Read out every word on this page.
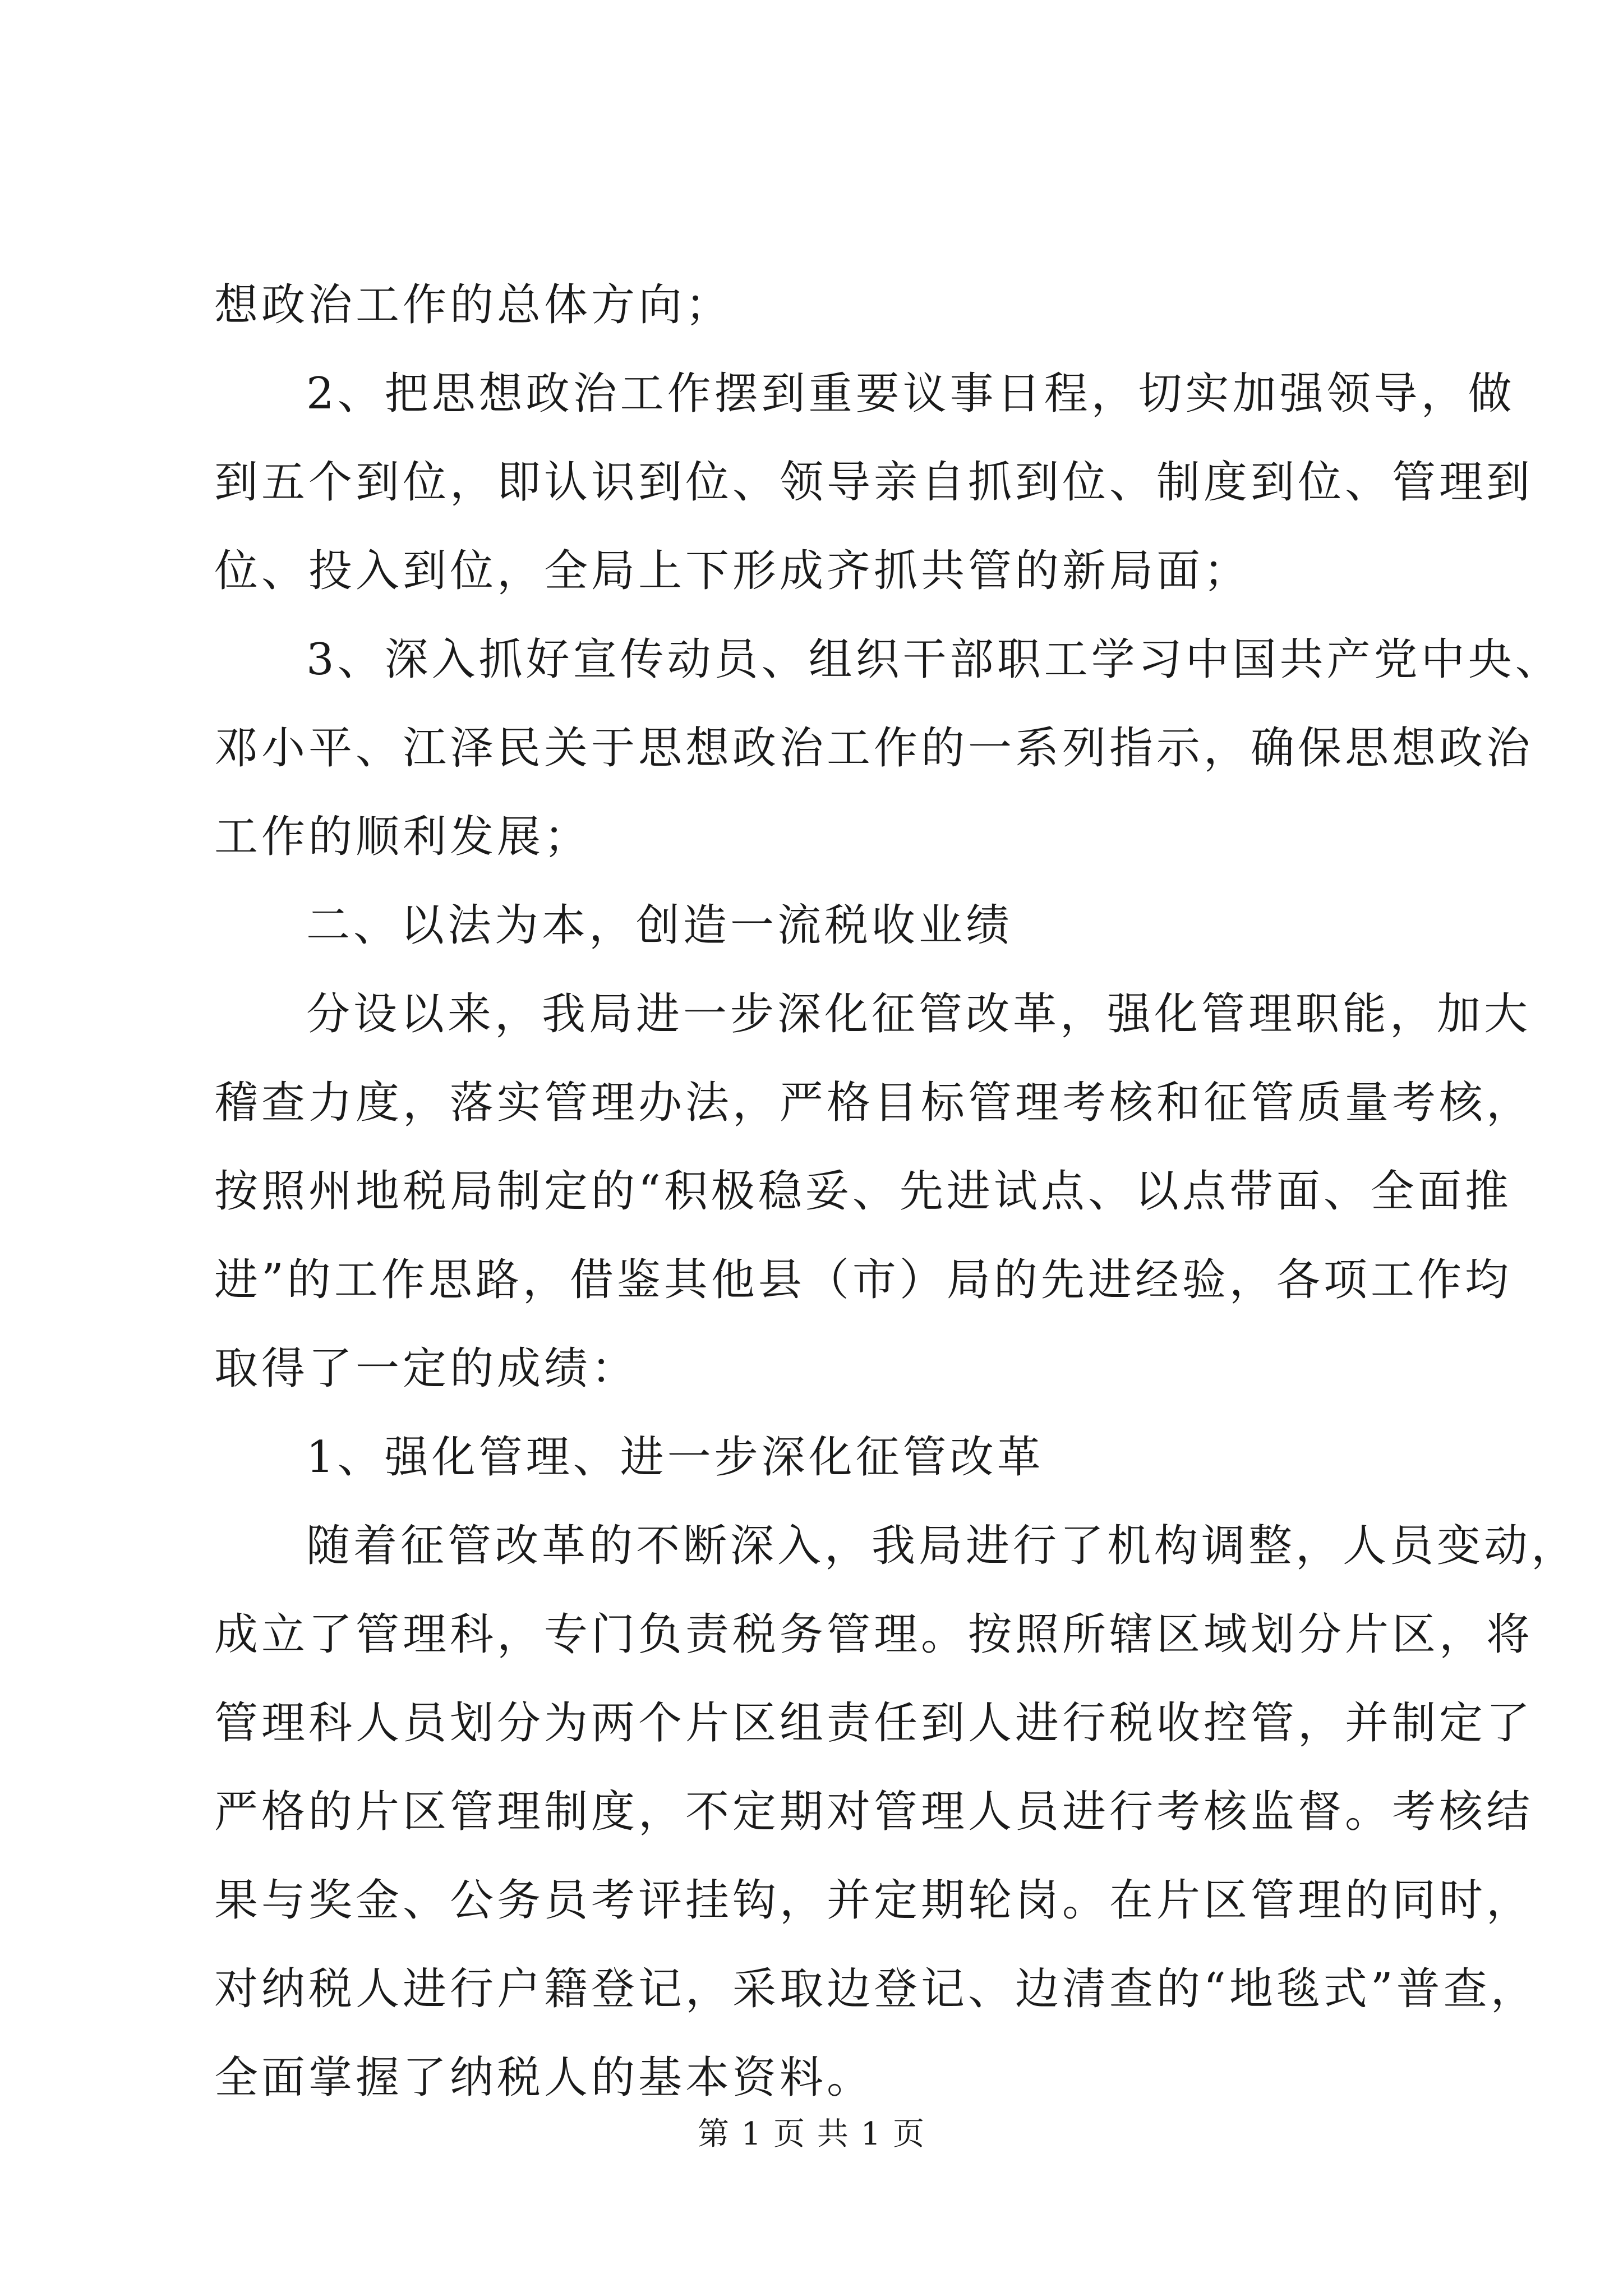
想政治工作的总体方向；
2、把思想政治工作摆到重要议事日程，切实加强领导，做
到五个到位，即认识到位、领导亲自抓到位、制度到位、管理到
位、投入到位，全局上下形成齐抓共管的新局面；
3、深入抓好宣传动员、组织干部职工学习中国共产党中央、
邓小平、江泽民关于思想政治工作的一系列指示，确保思想政治
工作的顺利发展；
二、以法为本，创造一流税收业绩
分设以来，我局进一步深化征管改革，强化管理职能，加大
稽查力度，落实管理办法，严格目标管理考核和征管质量考核，
按照州地税局制定的“积极稳妥、先进试点、以点带面、全面推
进”的工作思路，借鉴其他县（市）局的先进经验，各项工作均
取得了一定的成绩：
1、强化管理、进一步深化征管改革
随着征管改革的不断深入，我局进行了机构调整，人员变动，
成立了管理科，专门负责税务管理。按照所辖区域划分片区，将
管理科人员划分为两个片区组责任到人进行税收控管，并制定了
严格的片区管理制度，不定期对管理人员进行考核监督。考核结
果与奖金、公务员考评挂钩，并定期轮岗。在片区管理的同时，
对纳税人进行户籍登记，采取边登记、边清查的“地毯式”普查，
全面掌握了纳税人的基本资料。
第 1 页 共 1 页
